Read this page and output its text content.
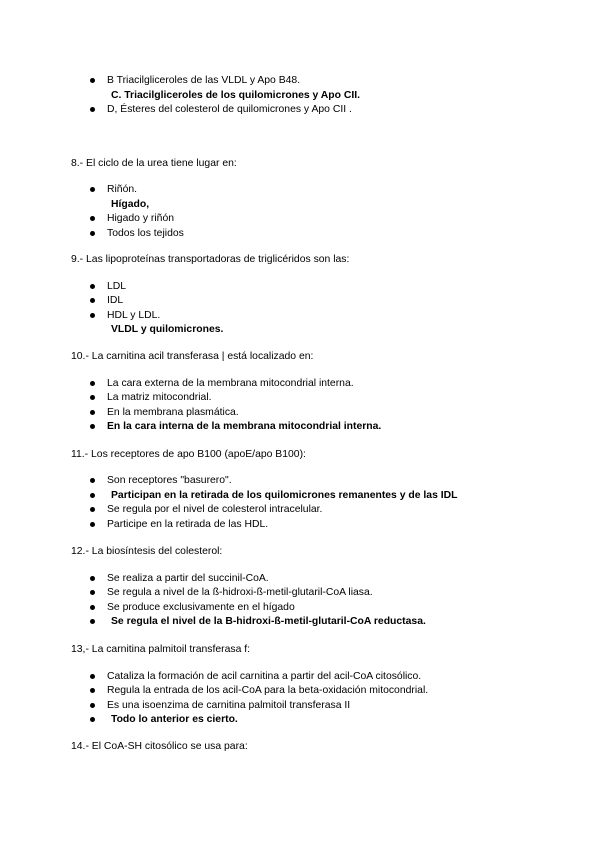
B Triacilgliceroles de las VLDL y Apo B48.
C. Triacilgliceroles de los quilomicrones y Apo CII.
D, Ésteres del colesterol de quilomicrones y Apo CII .
8.- El ciclo de la urea tiene lugar en:
Riñón.
Hígado,
Higado y riñón
Todos los tejidos
9.- Las lipoproteínas transportadoras de triglicéridos son las:
LDL
IDL
HDL y LDL.
VLDL y quilomicrones.
10.- La carnitina acil transferasa | está localizado en:
La cara externa de la membrana mitocondrial interna.
La matriz mitocondrial.
En la membrana plasmática.
En la cara interna de la membrana mitocondrial interna.
11.- Los receptores de apo B100 (apoE/apo B100):
Son receptores "basurero".
Participan en la retirada de los quilomicrones remanentes y de las IDL
Se regula por el nivel de colesterol intracelular.
Participe en la retirada de las HDL.
12.- La biosíntesis del colesterol:
Se realiza a partir del succinil-CoA.
Se regula a nivel de la ß-hidroxi-ß-metil-glutaril-CoA liasa.
Se produce exclusivamente en el hígado
Se regula el nivel de la B-hidroxi-ß-metil-glutaril-CoA reductasa.
13,- La carnitina palmitoil transferasa f:
Cataliza la formación de acil carnitina a partir del acil-CoA citosólico.
Regula la entrada de los acil-CoA para la beta-oxidación mitocondrial.
Es una isoenzima de carnitina palmitoil transferasa II
Todo lo anterior es cierto.
14.- El CoA-SH citosólico se usa para:
